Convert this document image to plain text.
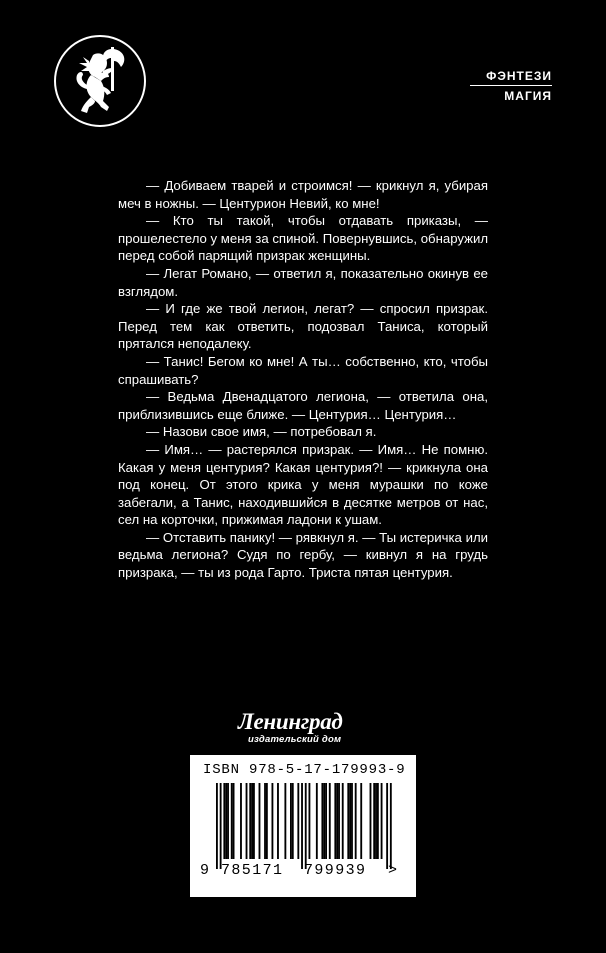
ФЭНТЕЗИ
МАГИЯ

— Добиваем тварей и строимся! — крикнул я, убирая меч в ножны. — Центурион Невий, ко мне!

— Кто ты такой, чтобы отдавать приказы, — прошелестело у меня за спиной. Повернувшись, обнаружил перед собой парящий призрак женщины.

— Легат Романо, — ответил я, показательно окинув ее взглядом.

— И где же твой легион, легат? — спросил призрак. Перед тем как ответить, подозвал Таниса, который прятался неподалеку.

— Танис! Бегом ко мне! А ты… собственно, кто, чтобы спрашивать?

— Ведьма Двенадцатого легиона, — ответила она, приблизившись еще ближе. — Центурия… Центурия…

— Назови свое имя, — потребовал я.

— Имя… — растерялся призрак. — Имя… Не помню. Какая у меня центурия? Какая центурия?! — крикнула она под конец. От этого крика у меня мурашки по коже забегали, а Танис, находившийся в десятке метров от нас, сел на корточки, прижимая ладони к ушам.

— Отставить панику! — рявкнул я. — Ты истеричка или ведьма легиона? Судя по гербу, — кивнул я на грудь призрака, — ты из рода Гарто. Триста пятая центурия.

Ленинград
издательский дом
ISBN 978-5-17-179993-9
9 785171 799939 >
